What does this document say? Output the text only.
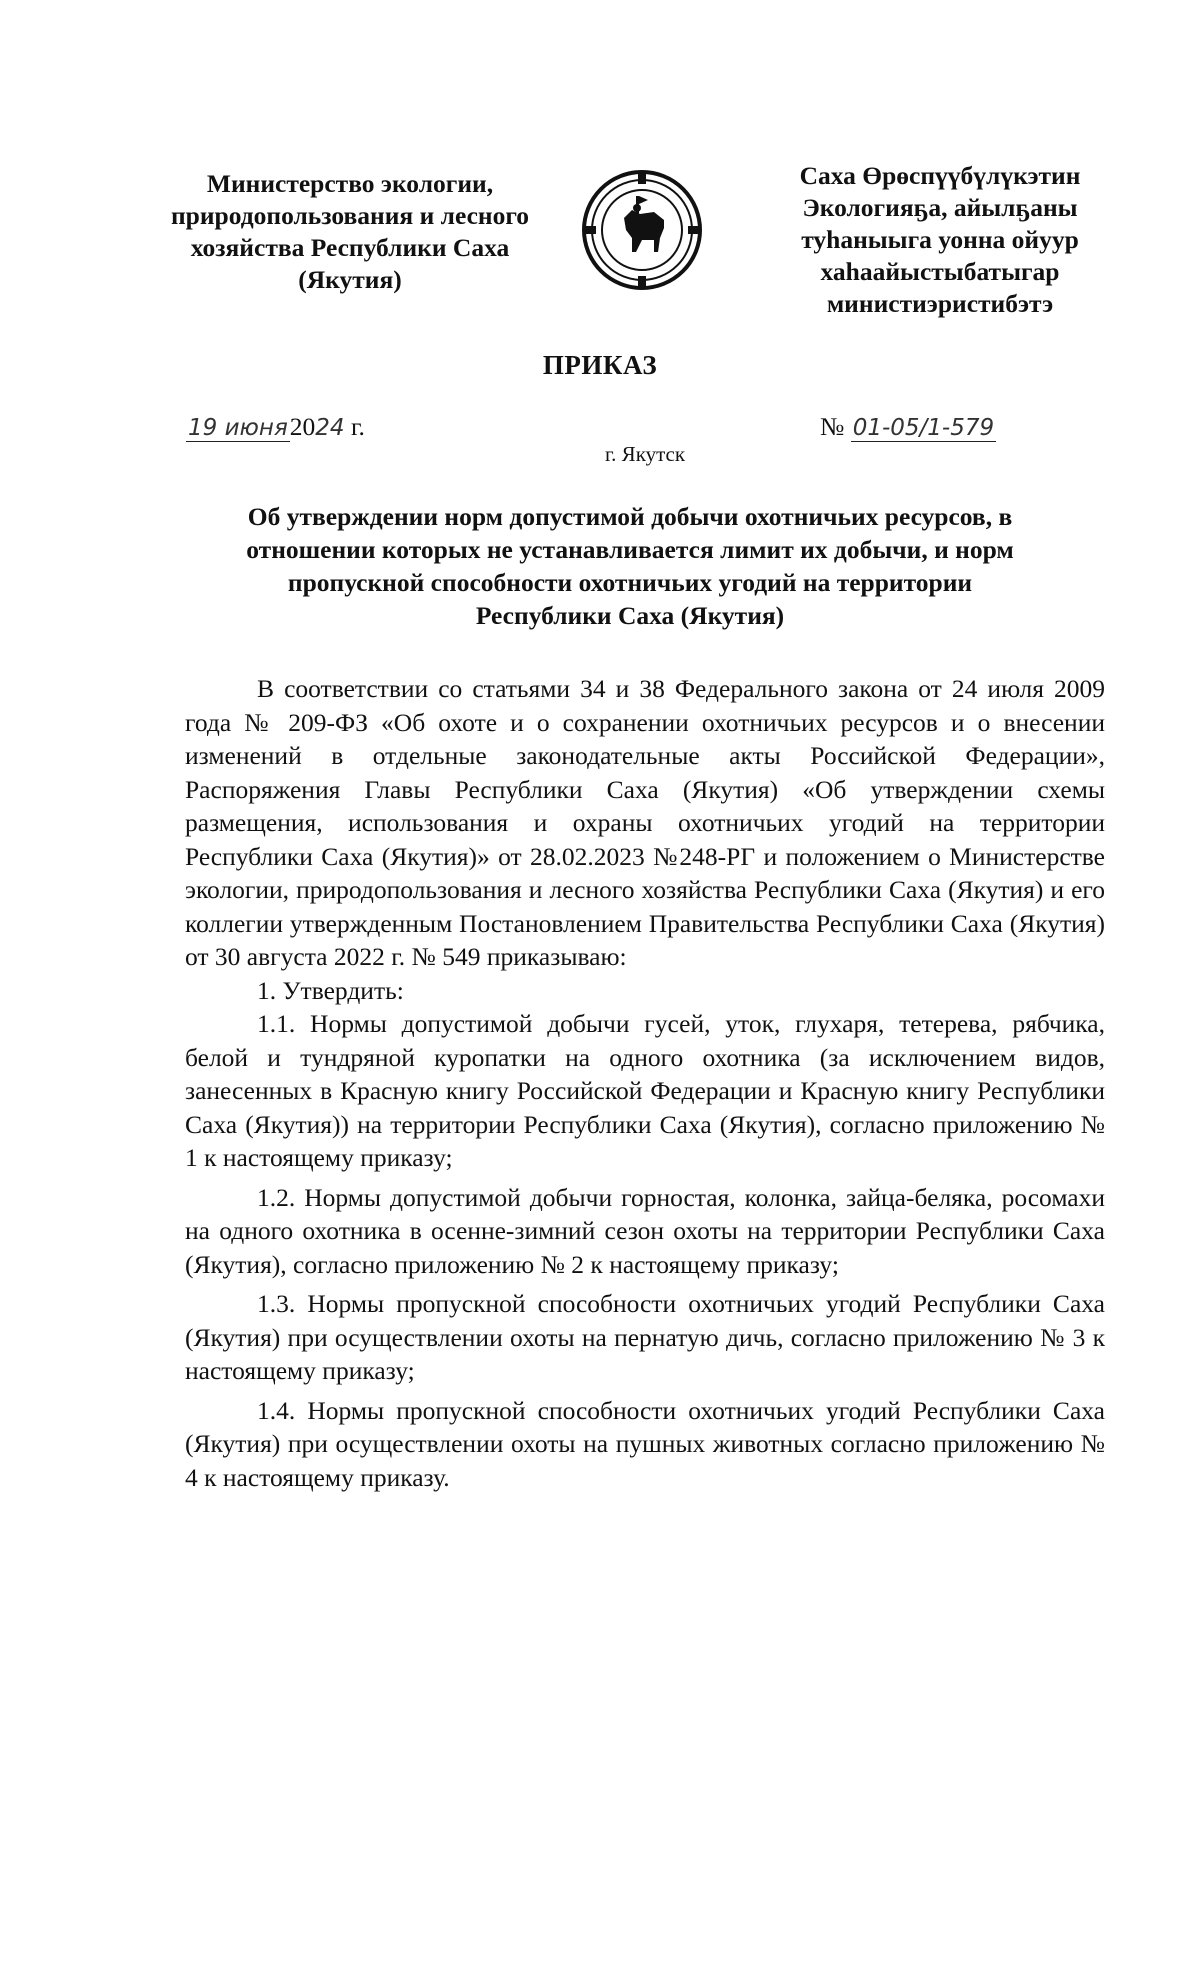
Министерство экологии, природопользования и лесного хозяйства Республики Саха (Якутия)
Саха Өрөспүүбүлүкэтин Экологияҕа, айылҕаны туһаныыга уонна ойуур хаһаайыстыбатыгар министиэристибэтэ
ПРИКАЗ
19 июня2024 г.	№ 01-05/1-579
г. Якутск
Об утверждении норм допустимой добычи охотничьих ресурсов, в отношении которых не устанавливается лимит их добычи, и норм пропускной способности охотничьих угодий на территории Республики Саха (Якутия)

В соответствии со статьями 34 и 38 Федерального закона от 24 июля 2009 года № 209-ФЗ «Об охоте и о сохранении охотничьих ресурсов и о внесении изменений в отдельные законодательные акты Российской Федерации», Распоряжения Главы Республики Саха (Якутия) «Об утверждении схемы размещения, использования и охраны охотничьих угодий на территории Республики Саха (Якутия)» от 28.02.2023 №248-РГ и положением о Министерстве экологии, природопользования и лесного хозяйства Республики Саха (Якутия) и его коллегии утвержденным Постановлением Правительства Республики Саха (Якутия) от 30 августа 2022 г. № 549 приказываю:

1. Утвердить:

1.1. Нормы допустимой добычи гусей, уток, глухаря, тетерева, рябчика, белой и тундряной куропатки на одного охотника (за исключением видов, занесенных в Красную книгу Российской Федерации и Красную книгу Республики Саха (Якутия)) на территории Республики Саха (Якутия), согласно приложению № 1 к настоящему приказу;

1.2. Нормы допустимой добычи горностая, колонка, зайца-беляка, росомахи на одного охотника в осенне-зимний сезон охоты на территории Республики Саха (Якутия), согласно приложению № 2 к настоящему приказу;

1.3. Нормы пропускной способности охотничьих угодий Республики Саха (Якутия) при осуществлении охоты на пернатую дичь, согласно приложению № 3 к настоящему приказу;

1.4. Нормы пропускной способности охотничьих угодий Республики Саха (Якутия) при осуществлении охоты на пушных животных согласно приложению № 4 к настоящему приказу.
